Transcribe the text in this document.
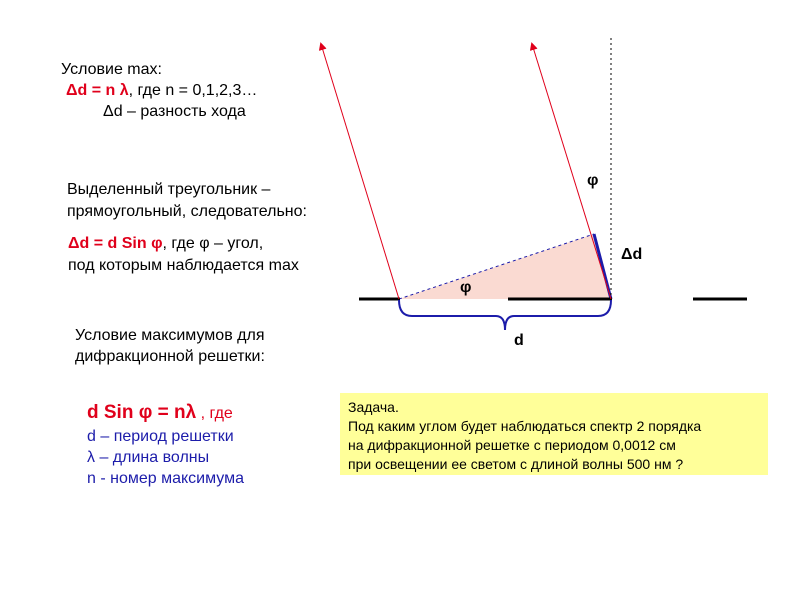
Условие max:
Δd = n λ, где n = 0,1,2,3…
Δd – разность хода
Выделенный треугольник –
прямоугольный, следовательно:
Δd = d Sin φ, где φ – угол,
под которым наблюдается max
Условие максимумов для
дифракционной решетки:
d Sin φ = nλ , где
d – период решетки
λ – длина волны
n - номер максимума
φ
φ
Δd
d
Задача.
Под каким углом будет наблюдаться спектр 2 порядка
на дифракционной решетке с периодом 0,0012 см
при освещении ее светом с длиной волны 500 нм ?
